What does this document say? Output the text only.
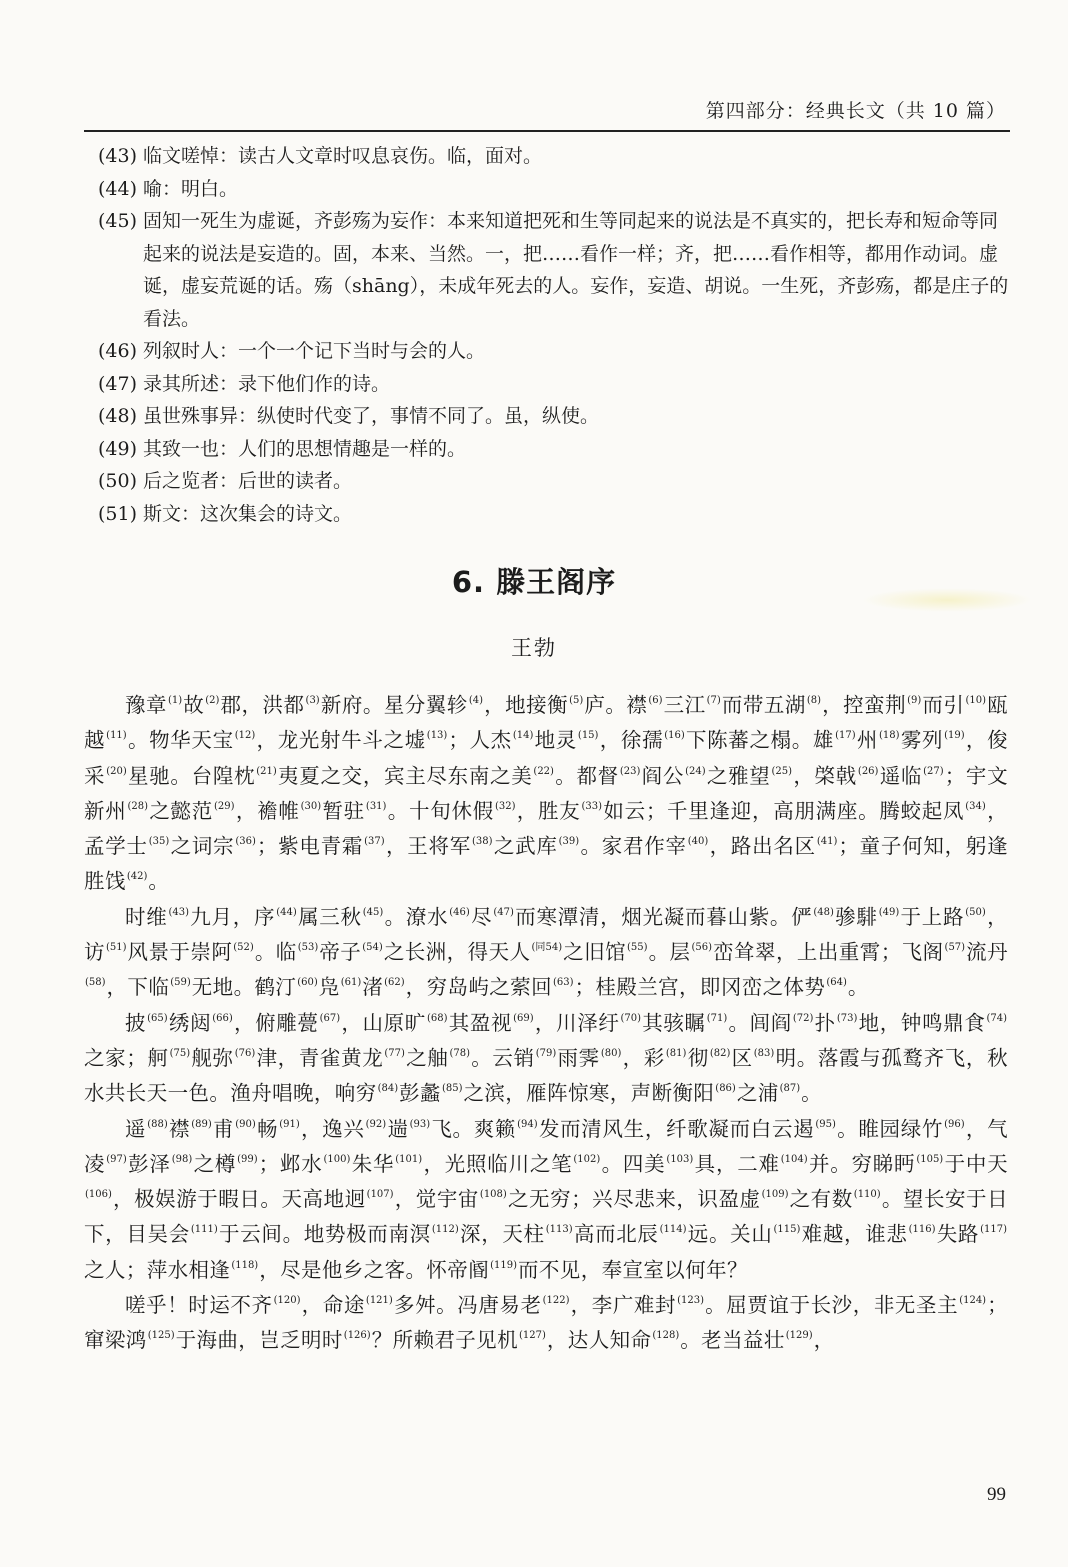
第四部分：经典长文（共 10 篇）
(43) 临文嗟悼：读古人文章时叹息哀伤。临，面对。
(44) 喻：明白。
(45) 固知一死生为虚诞，齐彭殇为妄作：本来知道把死和生等同起来的说法是不真实的，把长寿和短命等同起来的说法是妄造的。固，本来、当然。一，把……看作一样；齐，把……看作相等，都用作动词。虚诞，虚妄荒诞的话。殇（shāng），未成年死去的人。妄作，妄造、胡说。一生死，齐彭殇，都是庄子的看法。
(46) 列叙时人：一个一个记下当时与会的人。
(47) 录其所述：录下他们作的诗。
(48) 虽世殊事异：纵使时代变了，事情不同了。虽，纵使。
(49) 其致一也：人们的思想情趣是一样的。
(50) 后之览者：后世的读者。
(51) 斯文：这次集会的诗文。
6. 滕王阁序
王勃

豫章$^{(1)}$故$^{(2)}$郡，洪都$^{(3)}$新府。星分翼轸$^{(4)}$，地接衡$^{(5)}$庐。襟$^{(6)}$三江$^{(7)}$而带五湖$^{(8)}$，控蛮荆$^{(9)}$而引$^{(10)}$瓯越$^{(11)}$。物华天宝$^{(12)}$，龙光射牛斗之墟$^{(13)}$；人杰$^{(14)}$地灵$^{(15)}$，徐孺$^{(16)}$下陈蕃之榻。雄$^{(17)}$州$^{(18)}$雾列$^{(19)}$，俊采$^{(20)}$星驰。台隍枕$^{(21)}$夷夏之交，宾主尽东南之美$^{(22)}$。都督$^{(23)}$阎公$^{(24)}$之雅望$^{(25)}$，棨戟$^{(26)}$遥临$^{(27)}$；宇文新州$^{(28)}$之懿范$^{(29)}$，襜帷$^{(30)}$暂驻$^{(31)}$。十旬休假$^{(32)}$，胜友$^{(33)}$如云；千里逢迎，高朋满座。腾蛟起凤$^{(34)}$，孟学士$^{(35)}$之词宗$^{(36)}$；紫电青霜$^{(37)}$，王将军$^{(38)}$之武库$^{(39)}$。家君作宰$^{(40)}$，路出名区$^{(41)}$；童子何知，躬逢胜饯$^{(42)}$。

时维$^{(43)}$九月，序$^{(44)}$属三秋$^{(45)}$。潦水$^{(46)}$尽$^{(47)}$而寒潭清，烟光凝而暮山紫。俨$^{(48)}$骖騑$^{(49)}$于上路$^{(50)}$，访$^{(51)}$风景于崇阿$^{(52)}$。临$^{(53)}$帝子$^{(54)}$之长洲，得天人$^{(同54)}$之旧馆$^{(55)}$。层$^{(56)}$峦耸翠，上出重霄；飞阁$^{(57)}$流丹$^{(58)}$，下临$^{(59)}$无地。鹤汀$^{(60)}$凫$^{(61)}$渚$^{(62)}$，穷岛屿之萦回$^{(63)}$；桂殿兰宫，即冈峦之体势$^{(64)}$。

披$^{(65)}$绣闼$^{(66)}$，俯雕甍$^{(67)}$，山原旷$^{(68)}$其盈视$^{(69)}$，川泽纡$^{(70)}$其骇瞩$^{(71)}$。闾阎$^{(72)}$扑$^{(73)}$地，钟鸣鼎食$^{(74)}$之家；舸$^{(75)}$舰弥$^{(76)}$津，青雀黄龙$^{(77)}$之舳$^{(78)}$。云销$^{(79)}$雨霁$^{(80)}$，彩$^{(81)}$彻$^{(82)}$区$^{(83)}$明。落霞与孤鹜齐飞，秋水共长天一色。渔舟唱晚，响穷$^{(84)}$彭蠡$^{(85)}$之滨，雁阵惊寒，声断衡阳$^{(86)}$之浦$^{(87)}$。

遥$^{(88)}$襟$^{(89)}$甫$^{(90)}$畅$^{(91)}$，逸兴$^{(92)}$遄$^{(93)}$飞。爽籁$^{(94)}$发而清风生，纤歌凝而白云遏$^{(95)}$。睢园绿竹$^{(96)}$，气凌$^{(97)}$彭泽$^{(98)}$之樽$^{(99)}$；邺水$^{(100)}$朱华$^{(101)}$，光照临川之笔$^{(102)}$。四美$^{(103)}$具，二难$^{(104)}$并。穷睇眄$^{(105)}$于中天$^{(106)}$，极娱游于暇日。天高地迥$^{(107)}$，觉宇宙$^{(108)}$之无穷；兴尽悲来，识盈虚$^{(109)}$之有数$^{(110)}$。望长安于日下，目吴会$^{(111)}$于云间。地势极而南溟$^{(112)}$深，天柱$^{(113)}$高而北辰$^{(114)}$远。关山$^{(115)}$难越，谁悲$^{(116)}$失路$^{(117)}$之人；萍水相逢$^{(118)}$，尽是他乡之客。怀帝阍$^{(119)}$而不见，奉宣室以何年？

嗟乎！时运不齐$^{(120)}$，命途$^{(121)}$多舛。冯唐易老$^{(122)}$，李广难封$^{(123)}$。屈贾谊于长沙，非无圣主$^{(124)}$；窜梁鸿$^{(125)}$于海曲，岂乏明时$^{(126)}$？所赖君子见机$^{(127)}$，达人知命$^{(128)}$。老当益壮$^{(129)}$，

99
